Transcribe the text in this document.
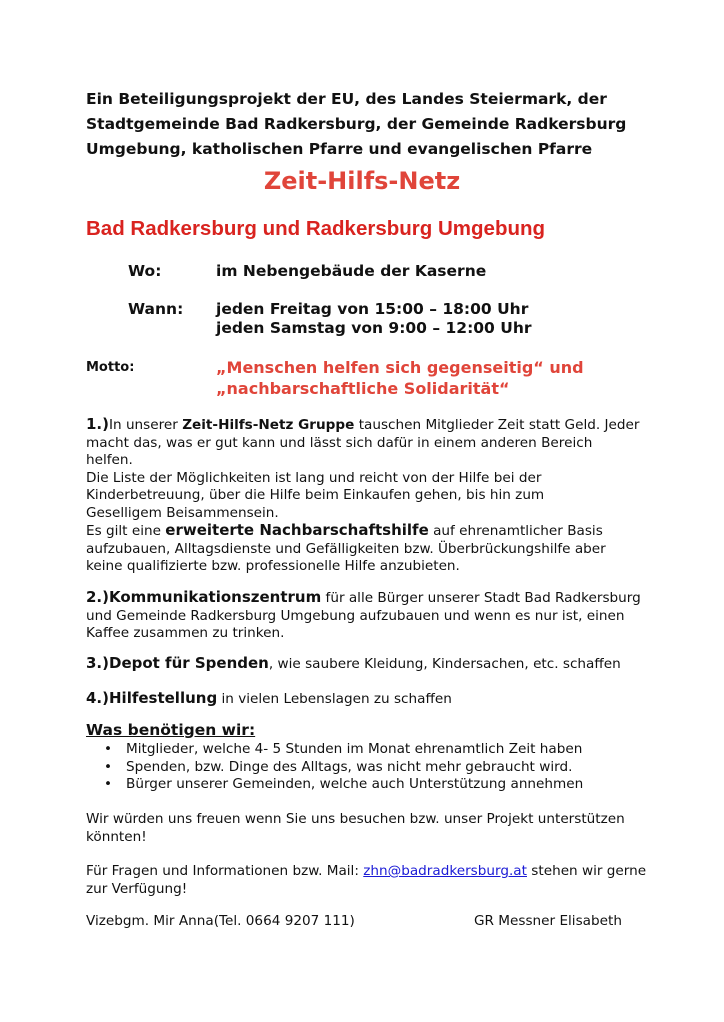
Ein Beteiligungsprojekt der EU, des Landes Steiermark, der
Stadtgemeinde Bad Radkersburg, der Gemeinde Radkersburg
Umgebung, katholischen Pfarre und evangelischen Pfarre
Zeit-Hilfs-Netz
Bad Radkersburg und Radkersburg Umgebung
Wo:	im Nebengebäude der Kaserne
Wann: jeden Freitag von 15:00 – 18:00 Uhr
jeden Samstag von 9:00 – 12:00 Uhr
Motto:	„Menschen helfen sich gegenseitig“ und
„nachbarschaftliche Solidarität“
1.)In unserer Zeit-Hilfs-Netz Gruppe tauschen Mitglieder Zeit statt Geld. Jeder
macht das, was er gut kann und lässt sich dafür in einem anderen Bereich
helfen.
Die Liste der Möglichkeiten ist lang und reicht von der Hilfe bei der
Kinderbetreuung, über die Hilfe beim Einkaufen gehen, bis hin zum
Geselligem Beisammensein.
Es gilt eine erweiterte Nachbarschaftshilfe auf ehrenamtlicher Basis
aufzubauen, Alltagsdienste und Gefälligkeiten bzw. Überbrückungshilfe aber
keine qualifizierte bzw. professionelle Hilfe anzubieten.
2.)Kommunikationszentrum für alle Bürger unserer Stadt Bad Radkersburg
und Gemeinde Radkersburg Umgebung aufzubauen und wenn es nur ist, einen
Kaffee zusammen zu trinken.
3.)Depot für Spenden, wie saubere Kleidung, Kindersachen, etc. schaffen
4.)Hilfestellung in vielen Lebenslagen zu schaffen
Was benötigen wir:
• Mitglieder, welche 4- 5 Stunden im Monat ehrenamtlich Zeit haben
• Spenden, bzw. Dinge des Alltags, was nicht mehr gebraucht wird.
• Bürger unserer Gemeinden, welche auch Unterstützung annehmen
Wir würden uns freuen wenn Sie uns besuchen bzw. unser Projekt unterstützen
könnten!
Für Fragen und Informationen bzw. Mail: zhn@badradkersburg.at stehen wir gerne
zur Verfügung!
Vizebgm. Mir Anna(Tel. 0664 9207 111)	GR Messner Elisabeth
